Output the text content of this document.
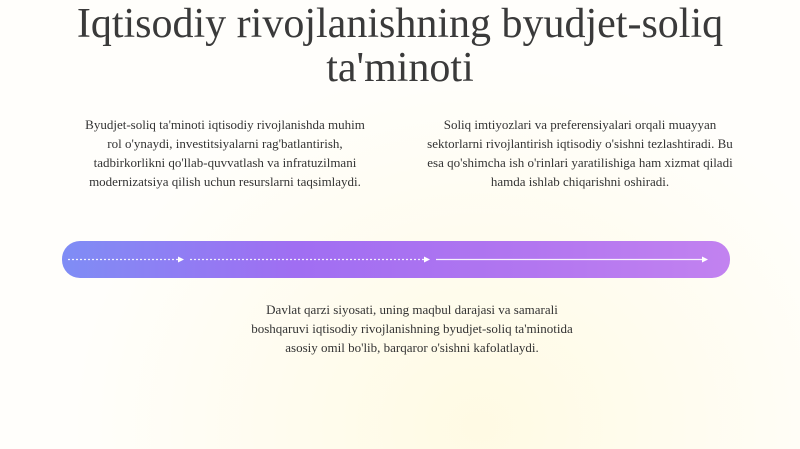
Iqtisodiy rivojlanishning byudjet-soliq ta'minoti

Byudjet-soliq ta'minoti iqtisodiy rivojlanishda muhim rol o'ynaydi, investitsiyalarni rag'batlantirish, tadbirkorlikni qo'llab-quvvatlash va infratuzilmani modernizatsiya qilish uchun resurslarni taqsimlaydi.

Soliq imtiyozlari va preferensiyalari orqali muayyan sektorlarni rivojlantirish iqtisodiy o'sishni tezlashtiradi. Bu esa qo'shimcha ish o'rinlari yaratilishiga ham xizmat qiladi hamda ishlab chiqarishni oshiradi.

Davlat qarzi siyosati, uning maqbul darajasi va samarali boshqaruvi iqtisodiy rivojlanishning byudjet-soliq ta'minotida asosiy omil bo'lib, barqaror o'sishni kafolatlaydi.
